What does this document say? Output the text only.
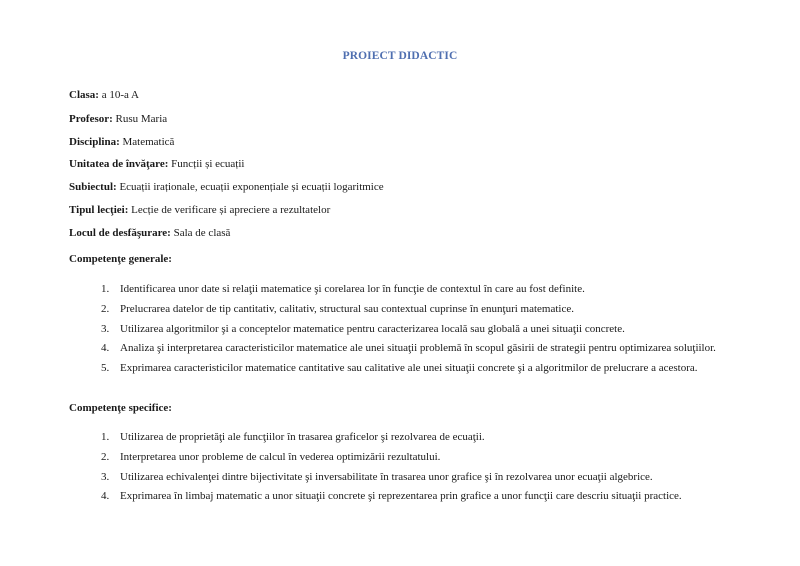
PROIECT DIDACTIC
Clasa: a 10-a A
Profesor: Rusu Maria
Disciplina: Matematică
Unitatea de învăţare: Funcții și ecuații
Subiectul: Ecuații iraționale, ecuații exponențiale și ecuații logaritmice
Tipul lecţiei: Lecție de verificare și apreciere a rezultatelor
Locul de desfăşurare: Sala de clasă
Competenţe generale:
1. Identificarea unor date si relaţii matematice şi corelarea lor în funcţie de contextul în care au fost definite.
2. Prelucrarea datelor de tip cantitativ, calitativ, structural sau contextual cuprinse în enunţuri matematice.
3. Utilizarea algoritmilor şi a conceptelor matematice pentru caracterizarea locală sau globală a unei situaţii concrete.
4. Analiza şi interpretarea caracteristicilor matematice ale unei situaţii problemă în scopul găsirii de strategii pentru optimizarea soluţiilor.
5. Exprimarea caracteristicilor matematice cantitative sau calitative ale unei situaţii concrete şi a algoritmilor de prelucrare a acestora.
Competenţe specifice:
1. Utilizarea de proprietăţi ale funcţiilor în trasarea graficelor şi rezolvarea de ecuaţii.
2. Interpretarea unor probleme de calcul în vederea optimizării rezultatului.
3. Utilizarea echivalenţei dintre bijectivitate şi inversabilitate în trasarea unor grafice şi în rezolvarea unor ecuaţii algebrice.
4. Exprimarea în limbaj matematic a unor situaţii concrete şi reprezentarea prin grafice a unor funcţii care descriu situaţii practice.
